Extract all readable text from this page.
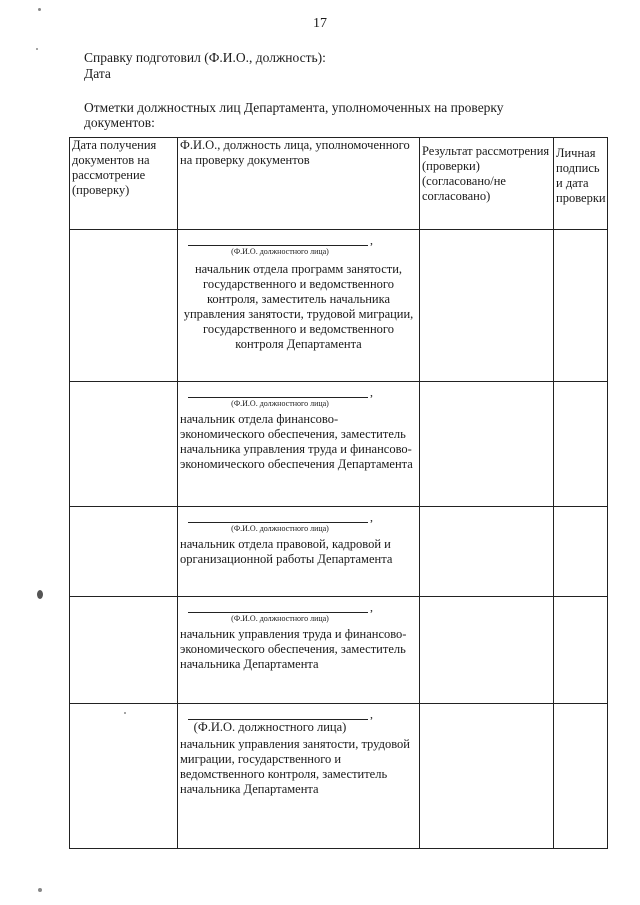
17
Справку подготовил (Ф.И.О., должность):
Дата
Отметки должностных лиц Департамента, уполномоченных на проверку документов:
Дата получения документов на рассмотрение (проверку)	Ф.И.О., должность лица, уполномоченного на проверку документов	Результат рассмотрения (проверки) (согласовано/не согласовано)	Личная подпись и дата проверки

	,
(Ф.И.О. должностного лица)
начальник отдела программ занятости, государственного и ведомственного контроля, заместитель начальника управления занятости, трудовой миграции, государственного и ведомственного контроля Департамента		

	,
(Ф.И.О. должностного лица)
начальник отдела финансово-экономического обеспечения, заместитель начальника управления труда и финансово-экономического обеспечения Департамента		

	,
(Ф.И.О. должностного лица)
начальник отдела правовой, кадровой и организационной работы Департамента		

	,
(Ф.И.О. должностного лица)
начальник управления труда и финансово-экономического обеспечения, заместитель начальника Департамента		

	,
(Ф.И.О. должностного лица)
начальник управления занятости, трудовой миграции, государственного и ведомственного контроля, заместитель начальника Департамента		
